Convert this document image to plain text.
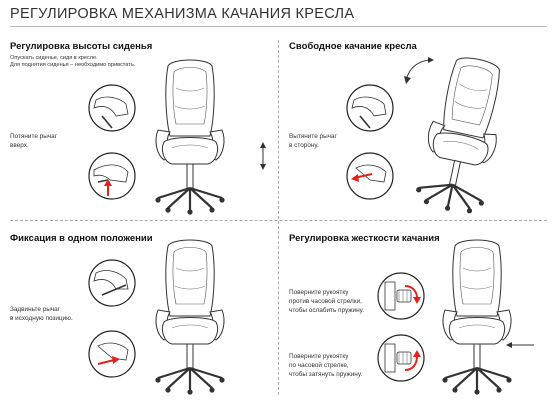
РЕГУЛИРОВКА МЕХАНИЗМА КАЧАНИЯ КРЕСЛА
Регулировка высоты сиденья
Опускать сиденье, сидя в кресле.
Для поднятия сиденья – необходимо привстать.
Потяните рычаг
вверх.
Свободное качание кресла
Вытяните рычаг
в сторону.
Фиксация в одном положении
Задвиньте рычаг
в исходную позицию.
Регулировка жесткости качания
Поверните рукоятку
против часовой стрелки,
чтобы ослабить пружину.
Поверните рукоятку
по часовой стрелке,
чтобы затянуть пружину.
